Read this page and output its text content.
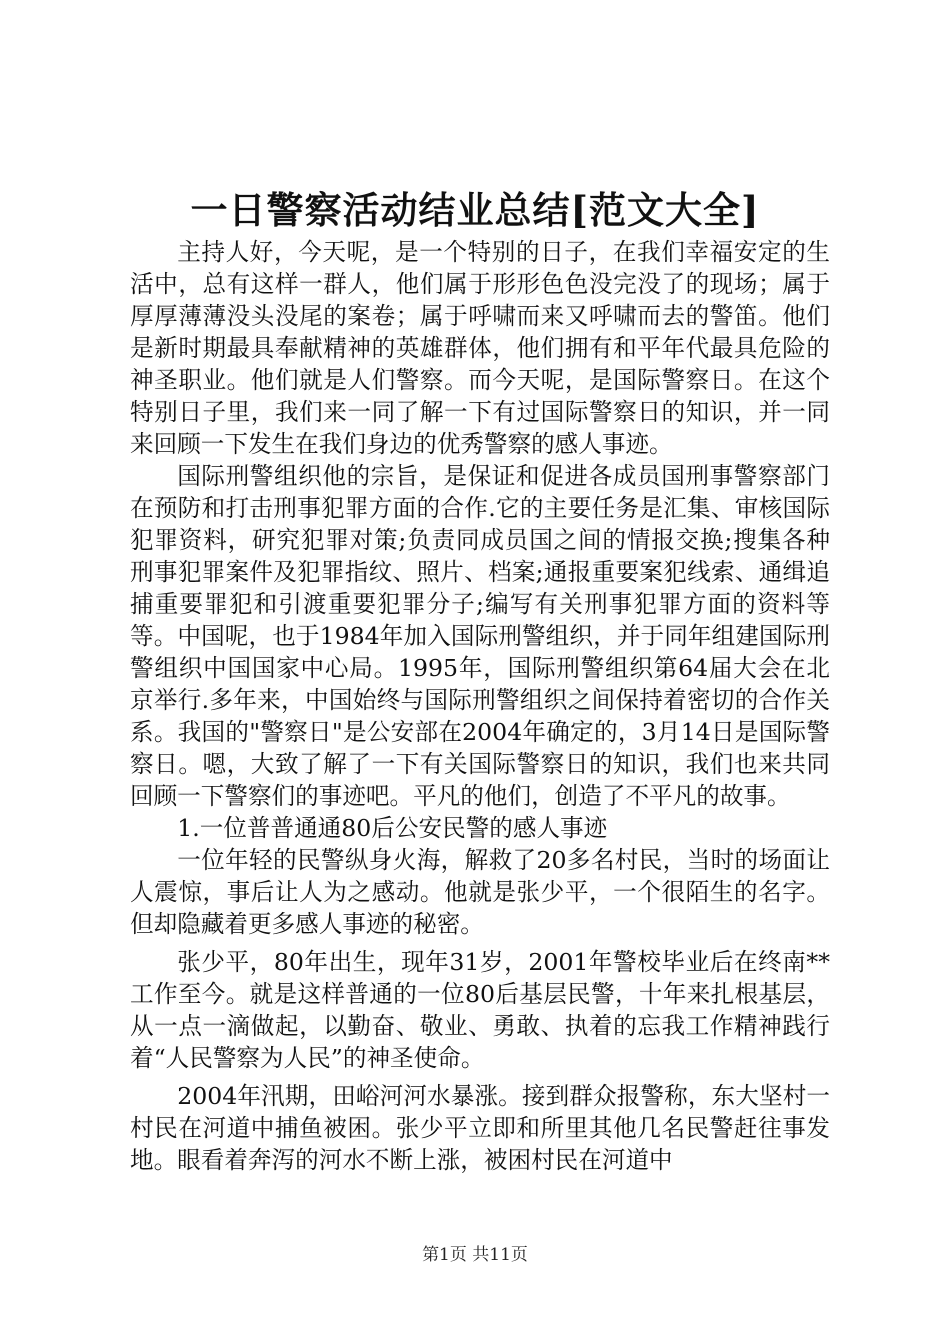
一日警察活动结业总结[范文大全]

主持人好，今天呢，是一个特别的日子，在我们幸福安定的生活中，总有这样一群人，他们属于形形色色没完没了的现场；属于厚厚薄薄没头没尾的案卷；属于呼啸而来又呼啸而去的警笛。他们是新时期最具奉献精神的英雄群体，他们拥有和平年代最具危险的神圣职业。他们就是人们警察。而今天呢，是国际警察日。在这个特别日子里，我们来一同了解一下有过国际警察日的知识，并一同来回顾一下发生在我们身边的优秀警察的感人事迹。

国际刑警组织他的宗旨，是保证和促进各成员国刑事警察部门在预防和打击刑事犯罪方面的合作.它的主要任务是汇集、审核国际犯罪资料，研究犯罪对策;负责同成员国之间的情报交换;搜集各种刑事犯罪案件及犯罪指纹、照片、档案;通报重要案犯线索、通缉追捕重要罪犯和引渡重要犯罪分子;编写有关刑事犯罪方面的资料等等。中国呢，也于1984年加入国际刑警组织，并于同年组建国际刑警组织中国国家中心局。1995年，国际刑警组织第64届大会在北京举行.多年来，中国始终与国际刑警组织之间保持着密切的合作关系。我国的"警察日"是公安部在2004年确定的，3月14日是国际警察日。嗯，大致了解了一下有关国际警察日的知识，我们也来共同回顾一下警察们的事迹吧。平凡的他们，创造了不平凡的故事。

1.一位普普通通80后公安民警的感人事迹

一位年轻的民警纵身火海，解救了20多名村民，当时的场面让人震惊，事后让人为之感动。他就是张少平，一个很陌生的名字。但却隐藏着更多感人事迹的秘密。

张少平，80年出生，现年31岁，2001年警校毕业后在终南**工作至今。就是这样普通的一位80后基层民警，十年来扎根基层，从一点一滴做起，以勤奋、敬业、勇敢、执着的忘我工作精神践行着“人民警察为人民”的神圣使命。

2004年汛期，田峪河河水暴涨。接到群众报警称，东大坚村一村民在河道中捕鱼被困。张少平立即和所里其他几名民警赶往事发地。眼看着奔泻的河水不断上涨，被困村民在河道中

第1页 共11页
